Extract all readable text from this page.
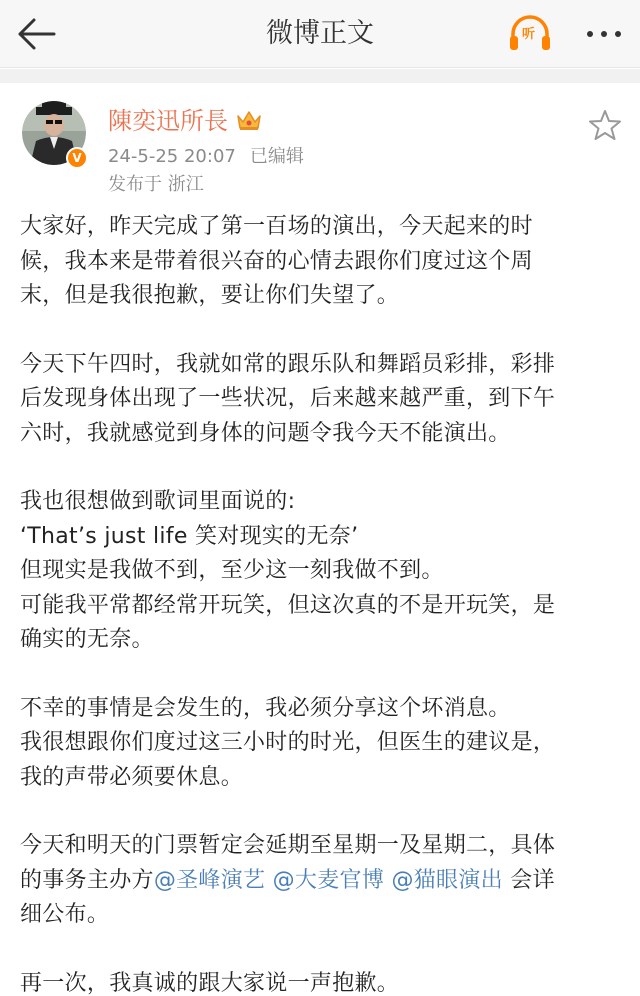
微博正文	听
V
陳奕迅所長
24-5-25 20:07 已编辑
发布于 浙江
大家好，昨天完成了第一百场的演出，今天起来的时
候，我本来是带着很兴奋的心情去跟你们度过这个周
末，但是我很抱歉，要让你们失望了。
今天下午四时，我就如常的跟乐队和舞蹈员彩排，彩排
后发现身体出现了一些状况，后来越来越严重，到下午
六时，我就感觉到身体的问题令我今天不能演出。
我也很想做到歌词里面说的:
‘That’s just life 笑对现实的无奈’
但现实是我做不到，至少这一刻我做不到。
可能我平常都经常开玩笑，但这次真的不是开玩笑，是
确实的无奈。
不幸的事情是会发生的，我必须分享这个坏消息。
我很想跟你们度过这三小时的时光，但医生的建议是，
我的声带必须要休息。
今天和明天的门票暂定会延期至星期一及星期二，具体
的事务主办方@圣峰演艺 @大麦官博 @猫眼演出 会详
细公布。
再一次，我真诚的跟大家说一声抱歉。
